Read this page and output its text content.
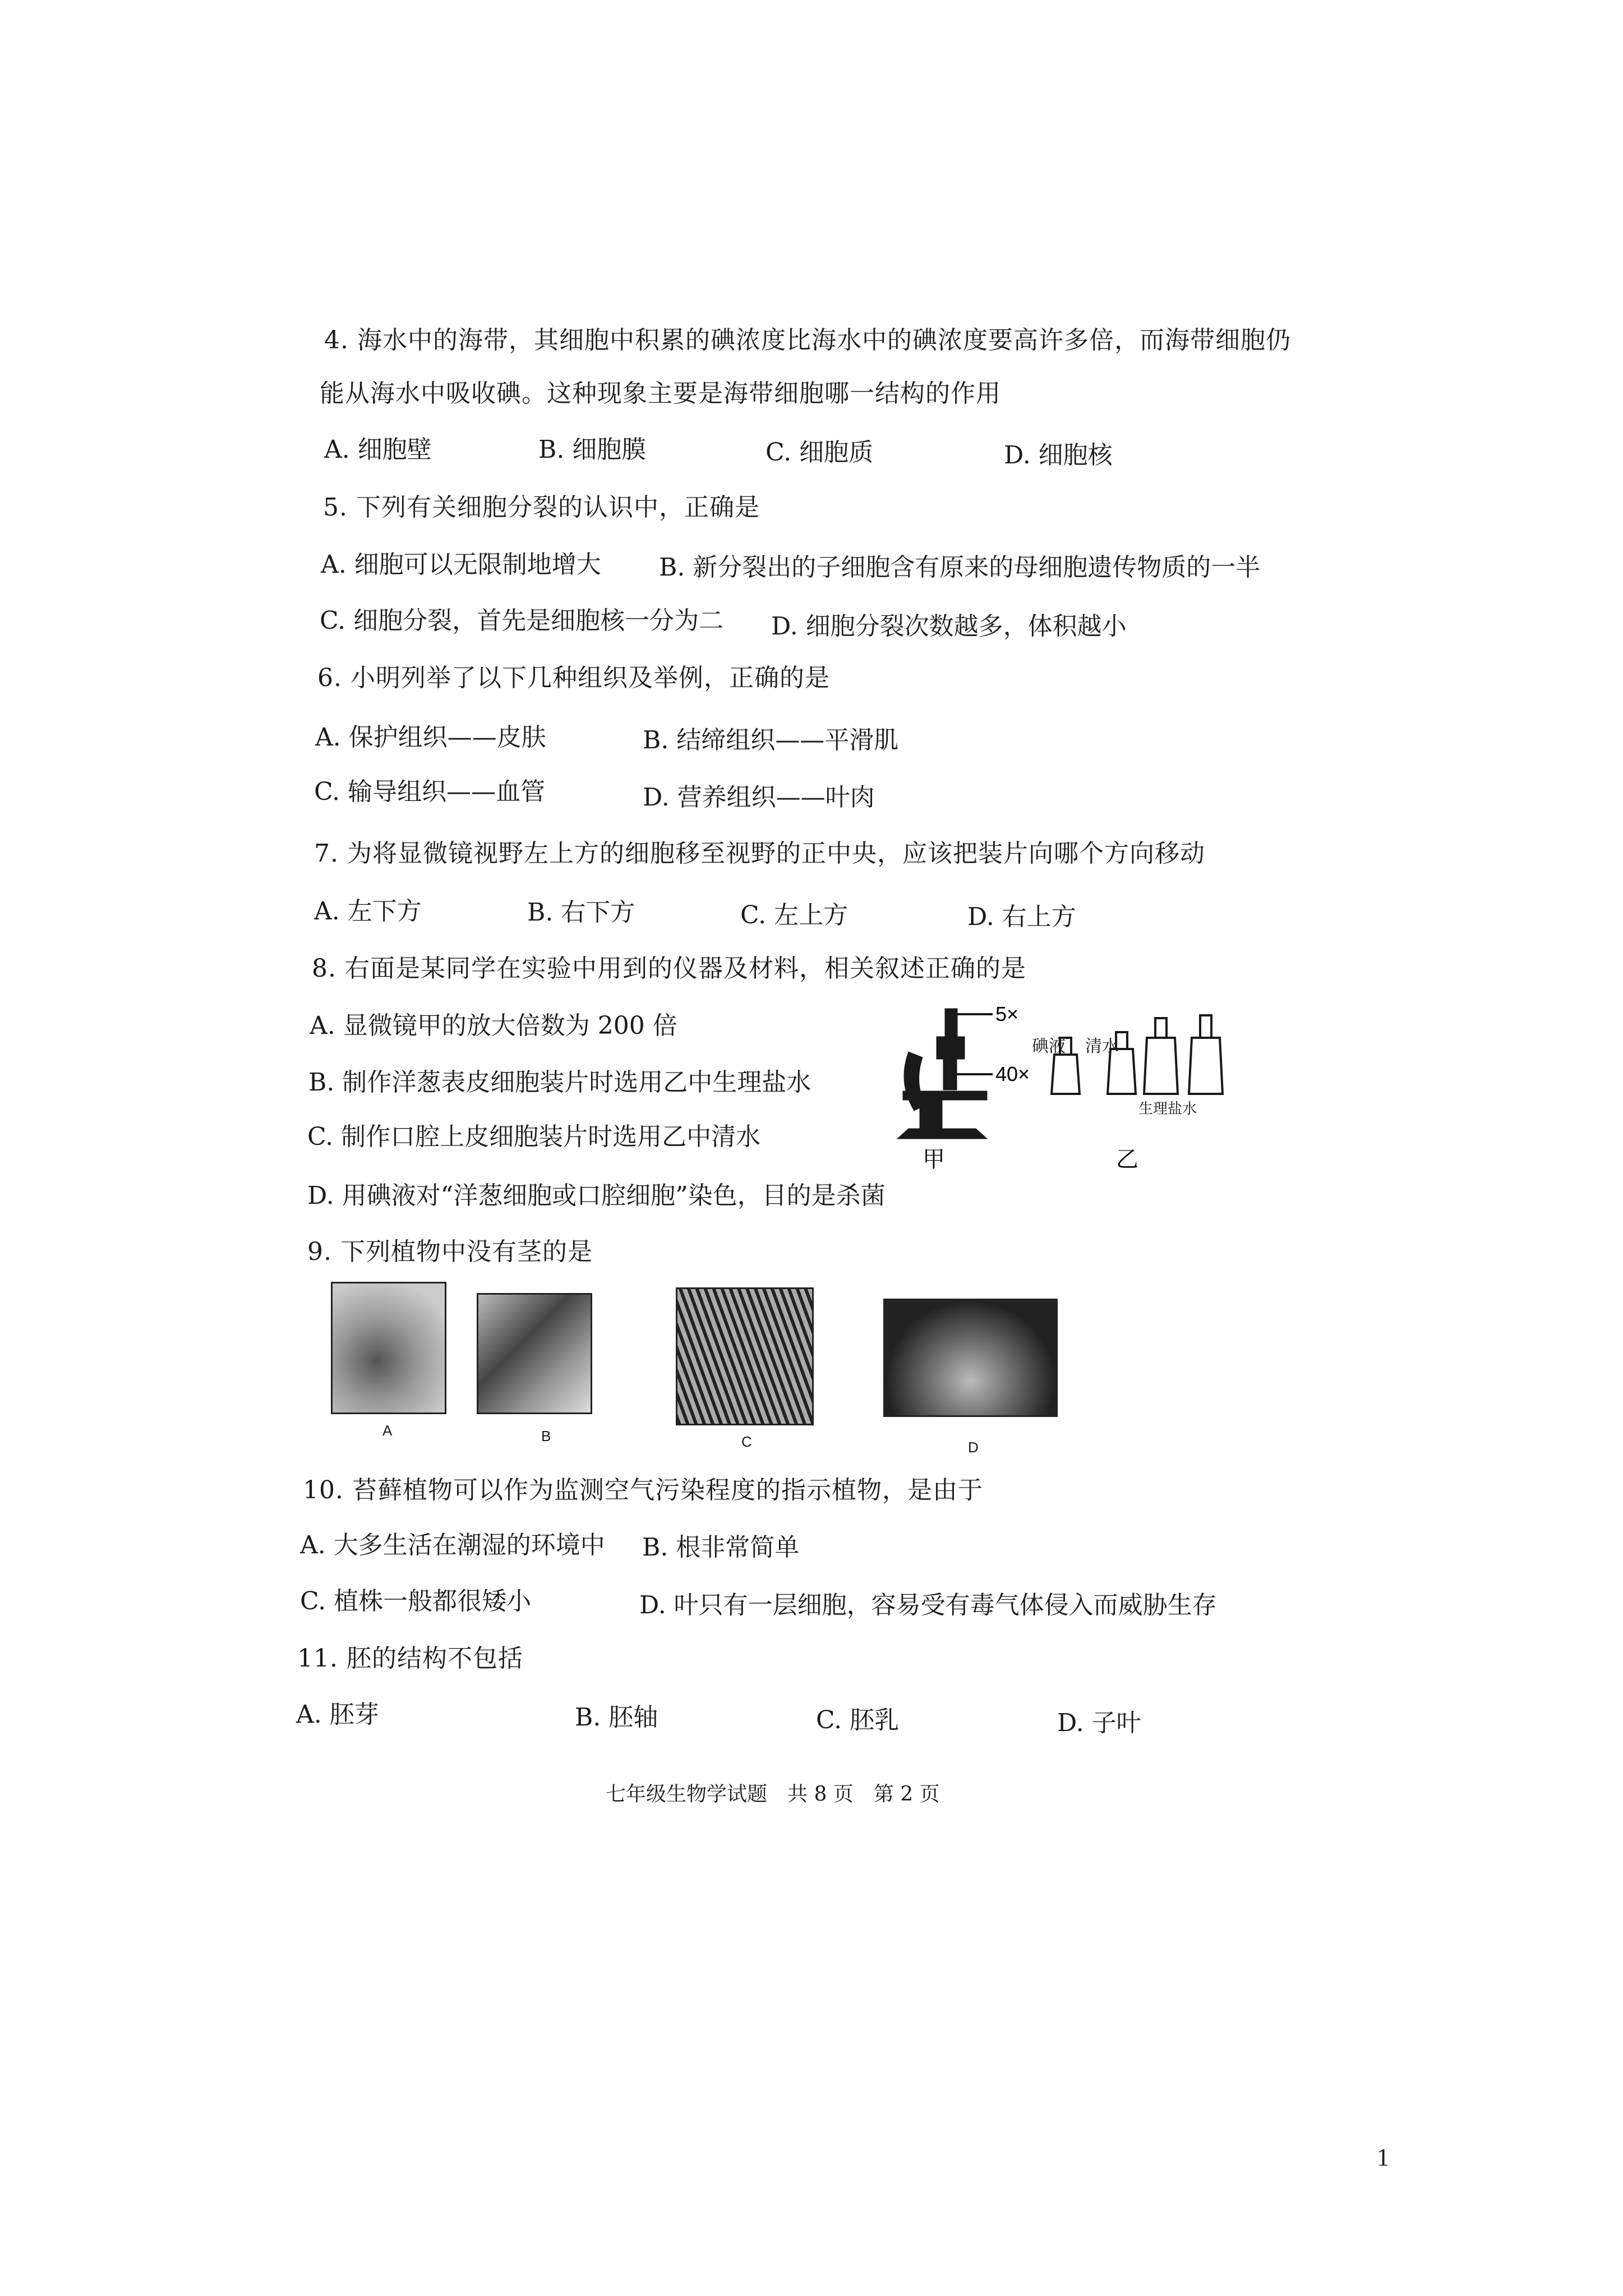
4. 海水中的海带，其细胞中积累的碘浓度比海水中的碘浓度要高许多倍，而海带细胞仍
能从海水中吸收碘。这种现象主要是海带细胞哪一结构的作用
A. 细胞壁	B. 细胞膜	C. 细胞质	D. 细胞核
5. 下列有关细胞分裂的认识中，正确是
A. 细胞可以无限制地增大 B. 新分裂出的子细胞含有原来的母细胞遗传物质的一半
C. 细胞分裂，首先是细胞核一分为二 D. 细胞分裂次数越多，体积越小
6. 小明列举了以下几种组织及举例，正确的是
A. 保护组织——皮肤	B. 结缔组织——平滑肌
C. 输导组织——血管	D. 营养组织——叶肉
7. 为将显微镜视野左上方的细胞移至视野的正中央，应该把装片向哪个方向移动
A. 左下方	B. 右下方	C. 左上方	D. 右上方
8. 右面是某同学在实验中用到的仪器及材料，相关叙述正确的是
A. 显微镜甲的放大倍数为 200 倍
B. 制作洋葱表皮细胞装片时选用乙中生理盐水
C. 制作口腔上皮细胞装片时选用乙中清水
D. 用碘液对“洋葱细胞或口腔细胞”染色，目的是杀菌
5×
40×
甲
碘液 清水
生理盐水
乙
9. 下列植物中没有茎的是
A	B	C	D
10. 苔藓植物可以作为监测空气污染程度的指示植物，是由于
A. 大多生活在潮湿的环境中 B. 根非常简单
C. 植株一般都很矮小	D. 叶只有一层细胞，容易受有毒气体侵入而威胁生存
11. 胚的结构不包括
A. 胚芽	B. 胚轴	C. 胚乳	D. 子叶
七年级生物学试题　共 8 页　第 2 页
1
